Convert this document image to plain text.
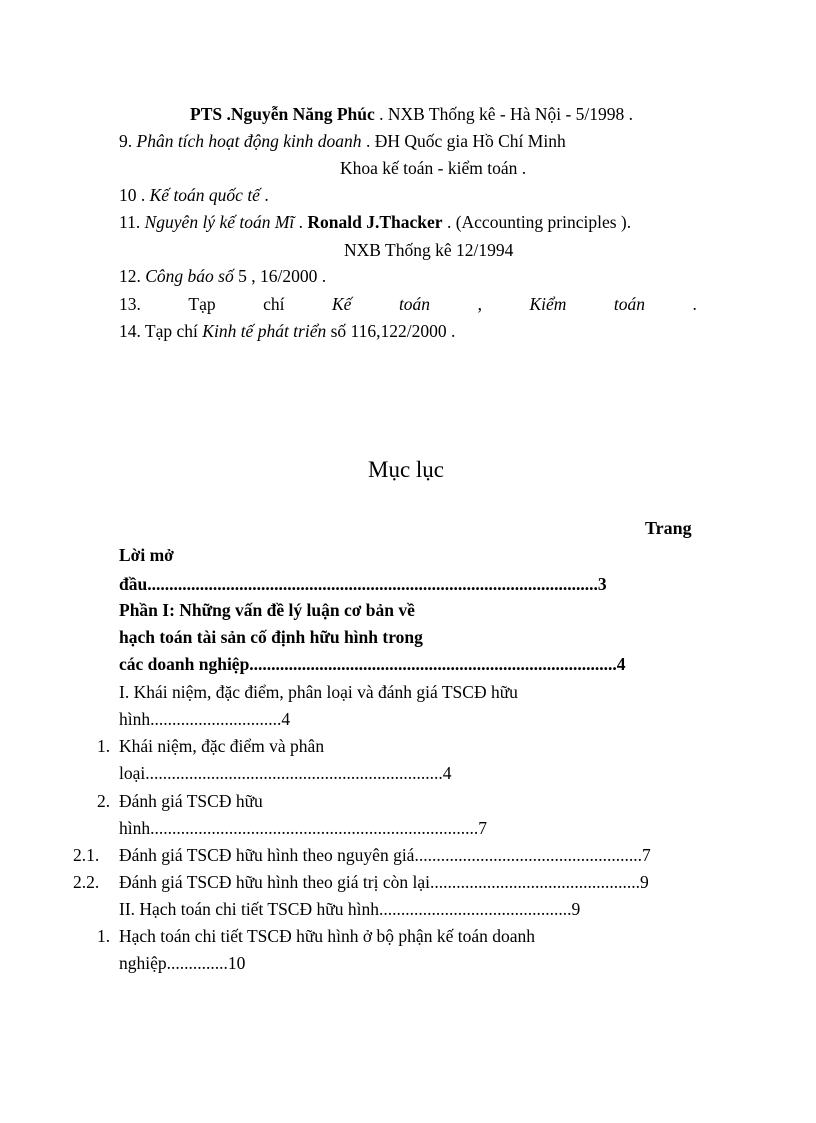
PTS .Nguyễn Năng Phúc . NXB Thống kê - Hà Nội - 5/1998 .
9. Phân tích hoạt động kinh doanh . ĐH Quốc gia Hồ Chí Minh
Khoa kế toán - kiểm toán .
10 . Kế toán quốc tế .
11. Nguyên lý kế toán Mĩ . Ronald J.Thacker . (Accounting principles ).
NXB Thống kê 12/1994
12. Công báo số 5 , 16/2000 .
13.	Tạp	chí	Kế	toán	,	Kiểm	toán	.
14. Tạp chí Kinh tế phát triển số 116,122/2000 .
Mục lục
Trang
Lời mở
đầu.......................................................................................................3
Phần I: Những vấn đề lý luận cơ bản về
hạch toán tài sản cố định hữu hình trong
các doanh nghiệp....................................................................................4
I. Khái niệm, đặc điểm, phân loại và đánh giá TSCĐ hữu
hình..............................4
1. Khái niệm, đặc điểm và phân
loại....................................................................4
2. Đánh giá TSCĐ hữu
hình...........................................................................7
2.1. Đánh giá TSCĐ hữu hình theo nguyên giá....................................................7
2.2. Đánh giá TSCĐ hữu hình theo giá trị còn lại................................................9
II. Hạch toán chi tiết TSCĐ hữu hình............................................9
1. Hạch toán chi tiết TSCĐ hữu hình ở bộ phận kế toán doanh
nghiệp..............10
